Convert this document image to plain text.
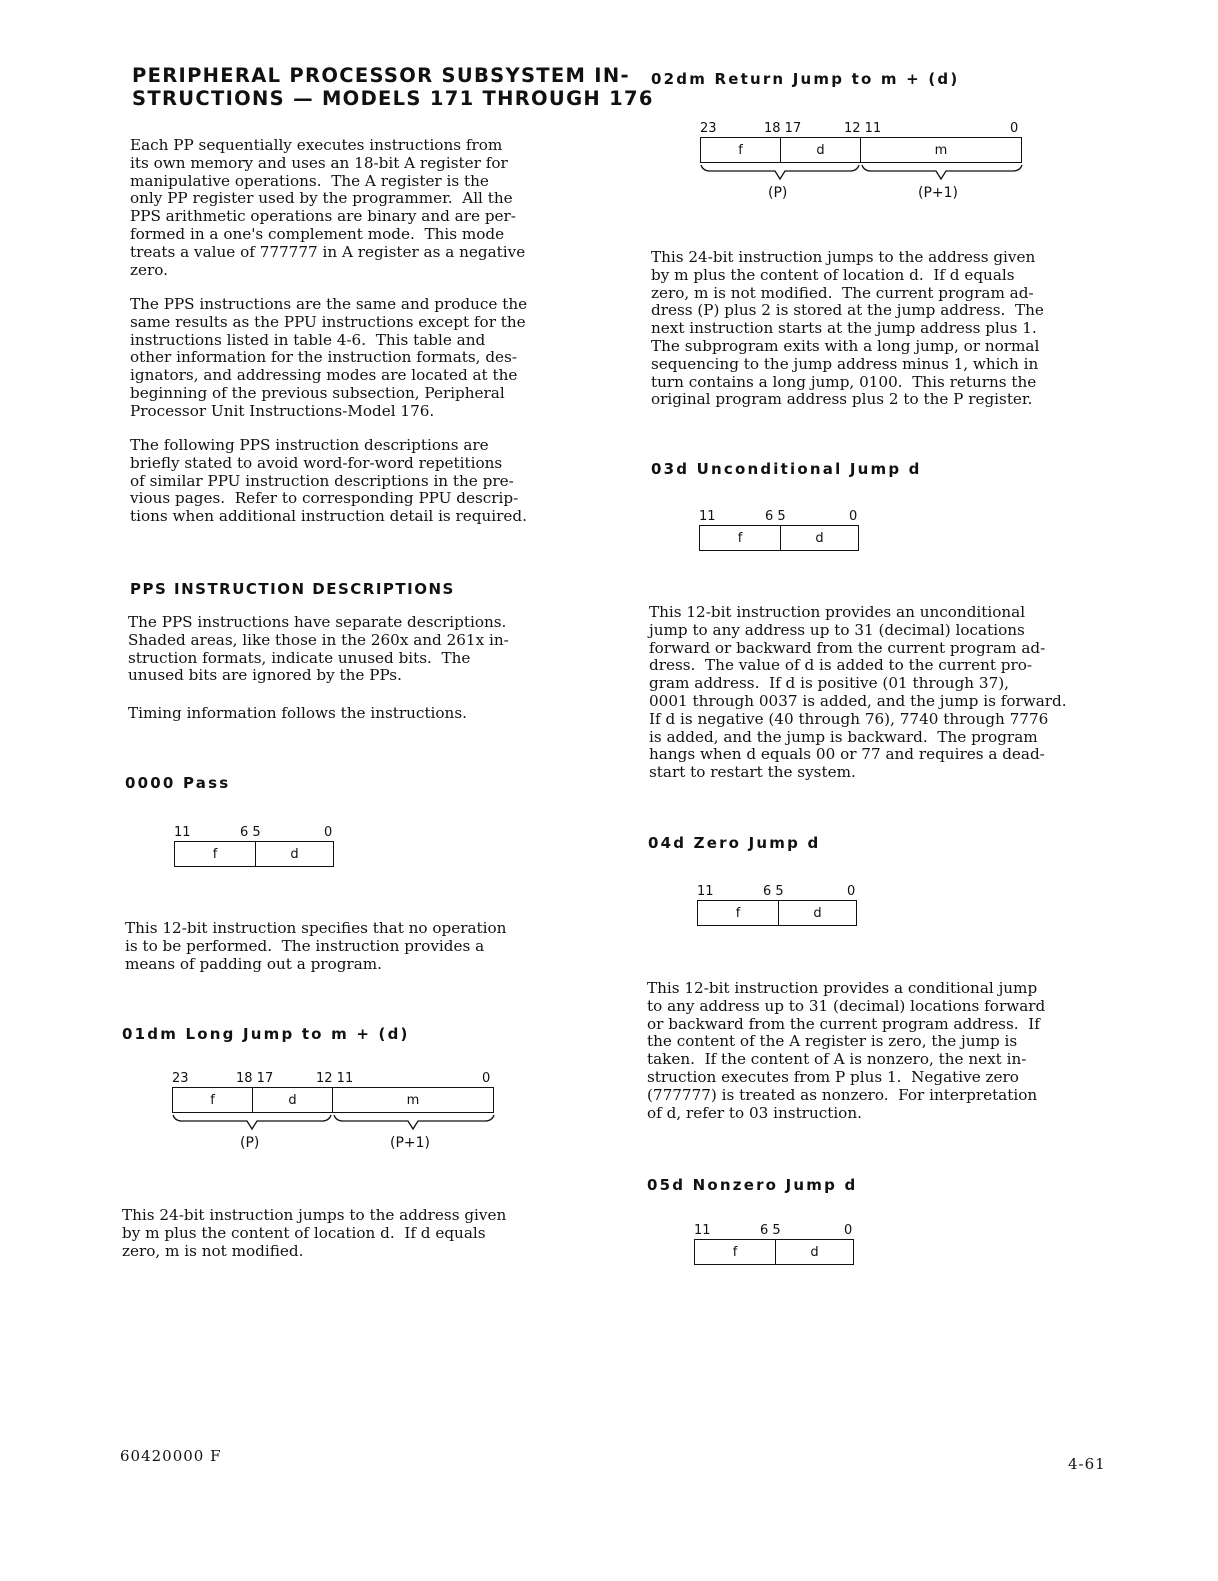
PERIPHERAL PROCESSOR SUBSYSTEM IN-
STRUCTIONS — MODELS 171 THROUGH 176
Each PP sequentially executes instructions from
its own memory and uses an 18-bit A register for
manipulative operations.  The A register is the
only PP register used by the programmer.  All the
PPS arithmetic operations are binary and are per-
formed in a one's complement mode.  This mode
treats a value of 777777 in A register as a negative
zero.
The PPS instructions are the same and produce the
same results as the PPU instructions except for the
instructions listed in table 4-6.  This table and
other information for the instruction formats, des-
ignators, and addressing modes are located at the
beginning of the previous subsection, Peripheral
Processor Unit Instructions-Model 176.
The following PPS instruction descriptions are
briefly stated to avoid word-for-word repetitions
of similar PPU instruction descriptions in the pre-
vious pages.  Refer to corresponding PPU descrip-
tions when additional instruction detail is required.
PPS INSTRUCTION DESCRIPTIONS
The PPS instructions have separate descriptions.
Shaded areas, like those in the 260x and 261x in-
struction formats, indicate unused bits.  The
unused bits are ignored by the PPs.
Timing information follows the instructions.
0000 Pass
11	6 5	0
f	d
This 12-bit instruction specifies that no operation
is to be performed.  The instruction provides a
means of padding out a program.
01dm Long Jump to m + (d)
23	18 17	12 11	0
f	d	m
(P)	(P+1)
This 24-bit instruction jumps to the address given
by m plus the content of location d.  If d equals
zero, m is not modified.
02dm Return Jump to m + (d)
23	18 17	12 11	0
f	d	m
(P)	(P+1)
This 24-bit instruction jumps to the address given
by m plus the content of location d.  If d equals
zero, m is not modified.  The current program ad-
dress (P) plus 2 is stored at the jump address.  The
next instruction starts at the jump address plus 1.
The subprogram exits with a long jump, or normal
sequencing to the jump address minus 1, which in
turn contains a long jump, 0100.  This returns the
original program address plus 2 to the P register.
03d Unconditional Jump d
11	6 5	0
f	d
This 12-bit instruction provides an unconditional
jump to any address up to 31 (decimal) locations
forward or backward from the current program ad-
dress.  The value of d is added to the current pro-
gram address.  If d is positive (01 through 37),
0001 through 0037 is added, and the jump is forward.
If d is negative (40 through 76), 7740 through 7776
is added, and the jump is backward.  The program
hangs when d equals 00 or 77 and requires a dead-
start to restart the system.
04d Zero Jump d
11	6 5	0
f	d
This 12-bit instruction provides a conditional jump
to any address up to 31 (decimal) locations forward
or backward from the current program address.  If
the content of the A register is zero, the jump is
taken.  If the content of A is nonzero, the next in-
struction executes from P plus 1.  Negative zero
(777777) is treated as nonzero.  For interpretation
of d, refer to 03 instruction.
05d Nonzero Jump d
11	6 5	0
f	d
60420000 F	4-61
